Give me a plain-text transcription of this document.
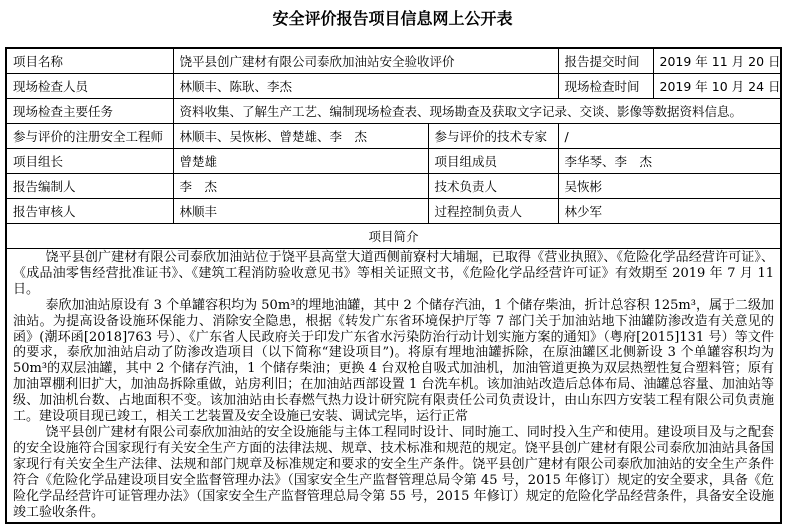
安全评价报告项目信息网上公开表
项目名称	饶平县创广建材有限公司泰欣加油站安全验收评价		报告提交时间	2019 年 11 月 20 日
现场检查人员	林顺丰、陈耿、李杰		现场检查时间	2019 年 10 月 24 日
现场检查主要任务	资料收集、了解生产工艺、编制现场检查表、现场勘查及获取文字记录、交谈、影像等数据资料信息。			
参与评价的注册安全工程师	林顺丰、吴恢彬、曾楚雄、李　杰	参与评价的技术专家	/	
项目组长	曾楚雄	项目组成员	李华琴、李　杰	
报告编制人	李　杰	技术负责人	吴恢彬	
报告审核人	林顺丰	过程控制负责人	林少军	
项目简介				

饶平县创广建材有限公司泰欣加油站位于饶平县高堂大道西侧前寮村大埔堀，已取得《营业执照》、《危险化学品经营许可证》、《成品油零售经营批准证书》、《建筑工程消防验收意见书》等相关证照文书，《危险化学品经营许可证》有效期至 2019 年 7 月 11 日。

泰欣加油站原设有 3 个单罐容积均为 50m³的埋地油罐，其中 2 个储存汽油，1 个储存柴油，折计总容积 125m³，属于二级加油站。为提高设备设施环保能力、消除安全隐患，根据《转发广东省环境保护厅等 7 部门关于加油站地下油罐防渗改造有关意见的函》(潮环函[2018]763 号）、《广东省人民政府关于印发广东省水污染防治行动计划实施方案的通知》（粤府[2015]131 号）等文件的要求，泰欣加油站启动了防渗改造项目（以下简称“建设项目”)。将原有埋地油罐拆除，在原油罐区北侧新设 3 个单罐容积均为 50m³的双层油罐，其中 2 个储存汽油，1 个储存柴油；更换 4 台双枪自吸式加油机，加油管道更换为双层热塑性复合塑料管；原有加油罩棚利旧扩大，加油岛拆除重做，站房利旧；在加油站西部设置 1 台洗车机。该加油站改造后总体布局、油罐总容量、加油站等级、加油机台数、占地面积不变。该加油站由长春燃气热力设计研究院有限责任公司负责设计，由山东四方安装工程有限公司负责施工。建设项目现已竣工，相关工艺装置及安全设施已安装、调试完毕，运行正常

饶平县创广建材有限公司泰欣加油站的安全设施能与主体工程同时设计、同时施工、同时投入生产和使用。建设项目及与之配套的安全设施符合国家现行有关安全生产方面的法律法规、规章、技术标准和规范的规定。饶平县创广建材有限公司泰欣加油站具备国家现行有关安全生产法律、法规和部门规章及标准规定和要求的安全生产条件。饶平县创广建材有限公司泰欣加油站的安全生产条件符合《危险化学品建设项目安全监督管理办法》（国家安全生产监督管理总局令第 45 号，2015 年修订）规定的安全要求，具备《危险化学品经营许可证管理办法》（国家安全生产监督管理总局令第 55 号，2015 年修订）规定的危险化学品经营条件，具备安全设施竣工验收条件。				
